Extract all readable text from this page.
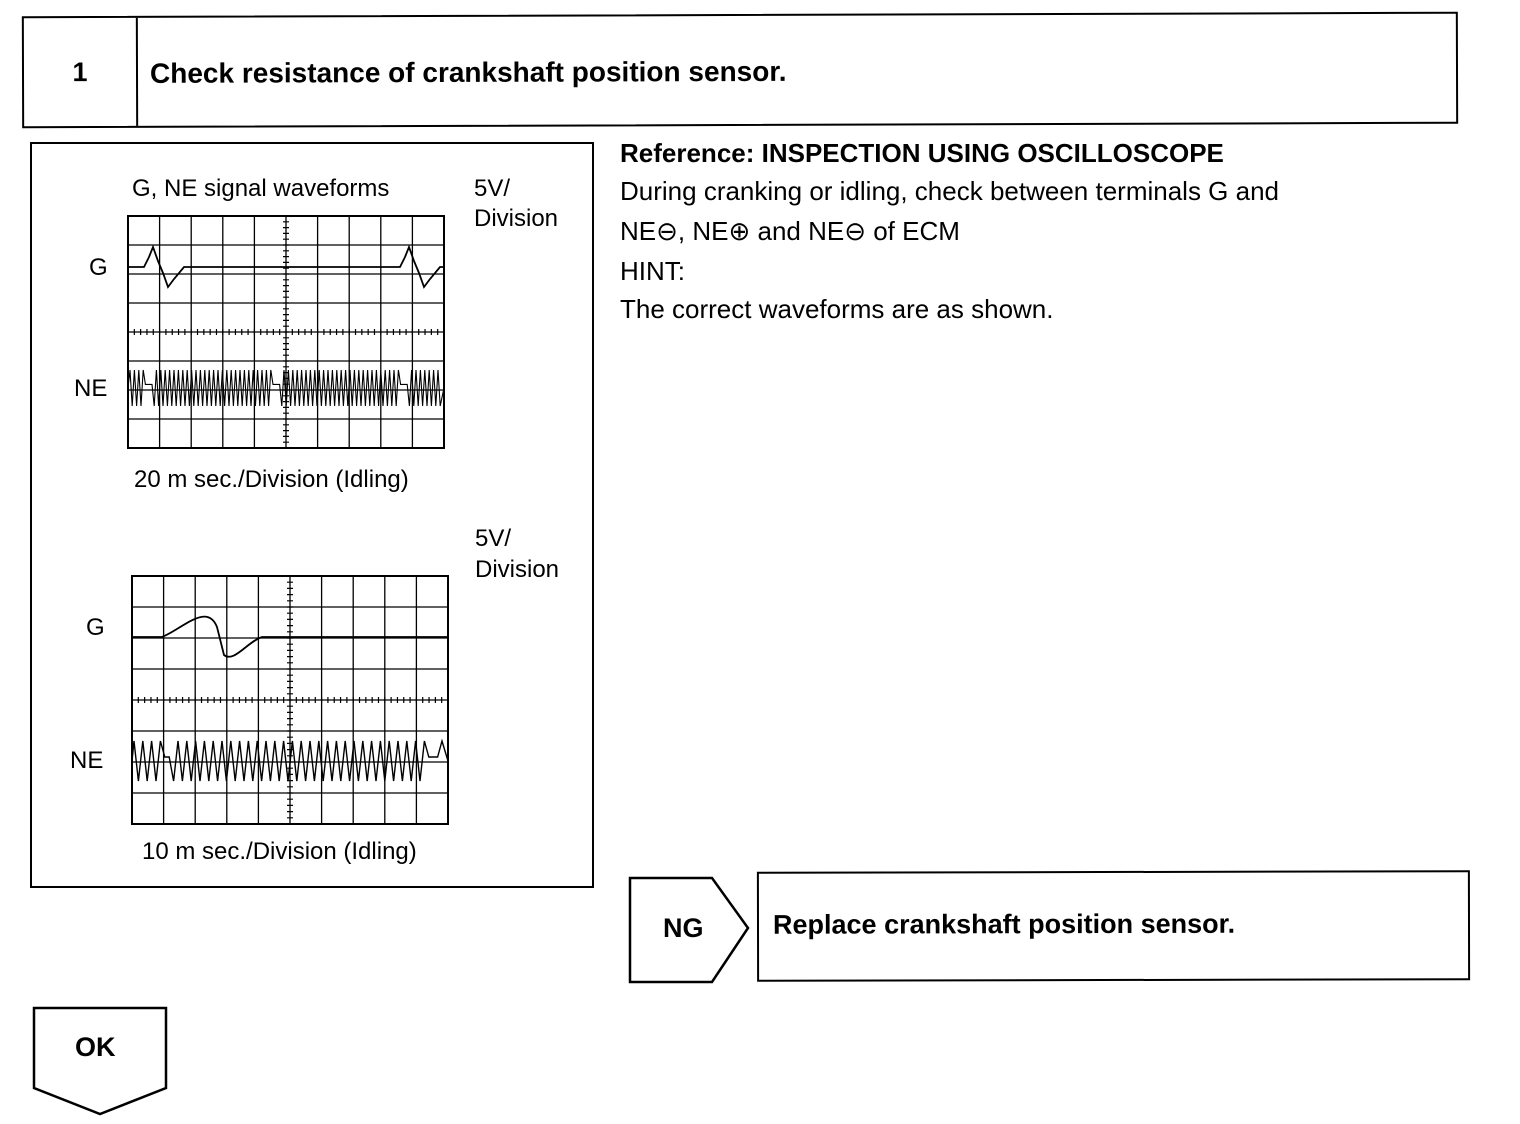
1	Check resistance of crankshaft position sensor.
G, NE signal waveforms	5V/
Division
G
NE
20 m sec./Division (Idling)
5V/
Division
G
NE
10 m sec./Division (Idling)
Reference: INSPECTION USING OSCILLOSCOPE
During cranking or idling, check between terminals G and
NE⊖, NE⊕ and NE⊖ of ECM
HINT:
The correct waveforms are as shown.
NG	Replace crankshaft position sensor.
OK
